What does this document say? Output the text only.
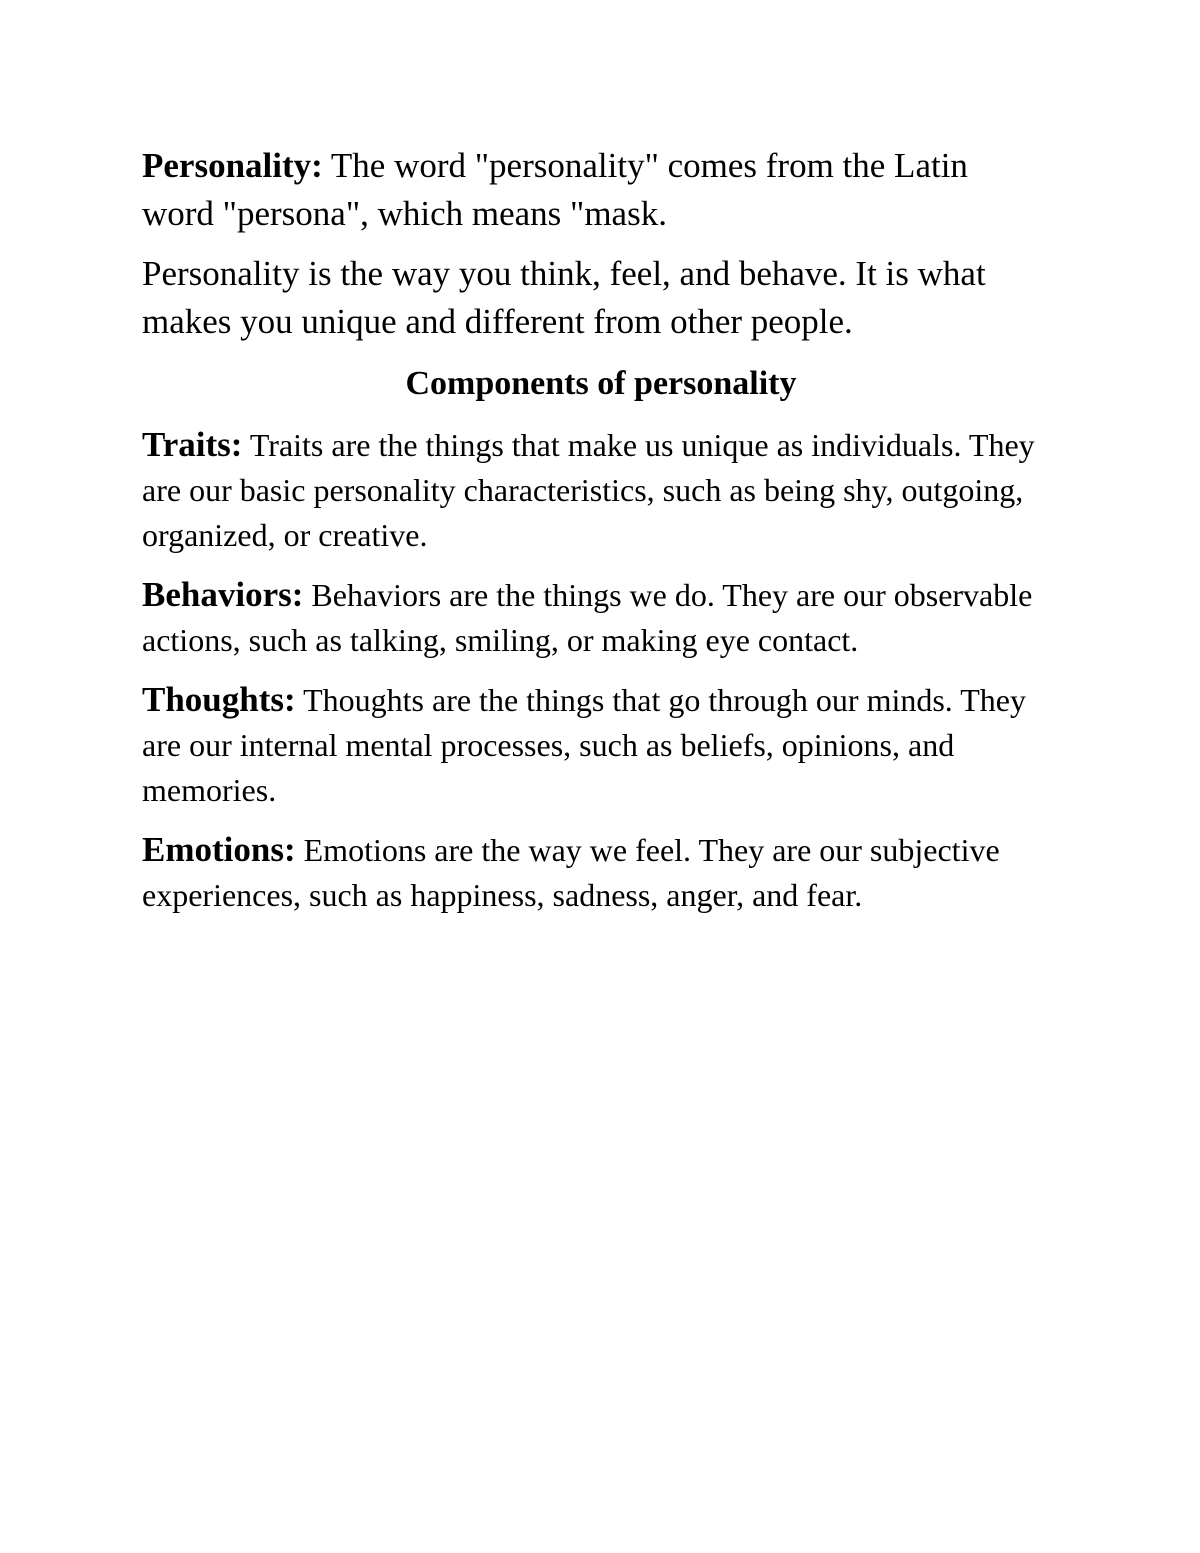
Personality: The word "personality" comes from the Latin word "persona", which means "mask.

Personality is the way you think, feel, and behave. It is what makes you unique and different from other people.

Components of personality

Traits: Traits are the things that make us unique as individuals. They are our basic personality characteristics, such as being shy, outgoing, organized, or creative.

Behaviors: Behaviors are the things we do. They are our observable actions, such as talking, smiling, or making eye contact.

Thoughts: Thoughts are the things that go through our minds. They are our internal mental processes, such as beliefs, opinions, and memories.

Emotions: Emotions are the way we feel. They are our subjective experiences, such as happiness, sadness, anger, and fear.
